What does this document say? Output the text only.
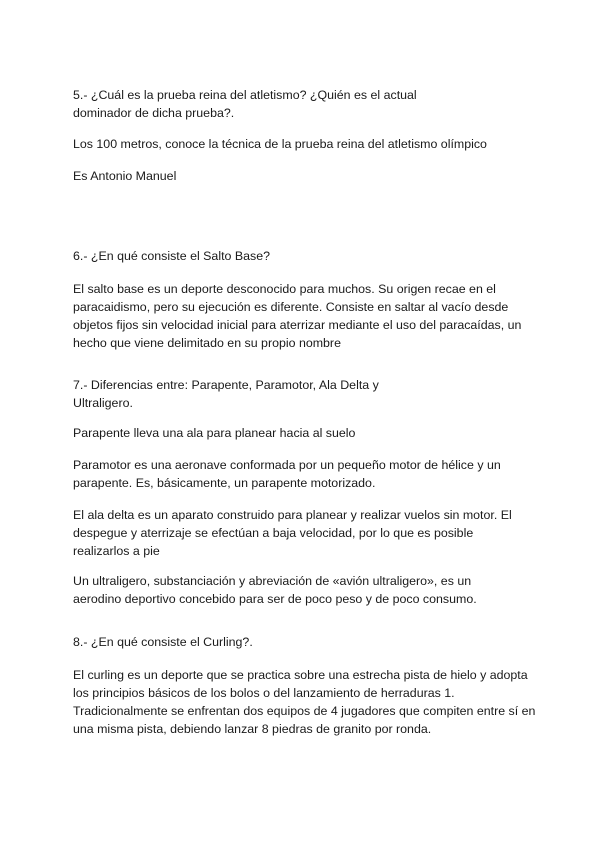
5.- ¿Cuál es la prueba reina del atletismo? ¿Quién es el actual
dominador de dicha prueba?.
Los 100 metros, conoce la técnica de la prueba reina del atletismo olímpico
Es Antonio Manuel
6.- ¿En qué consiste el Salto Base?
El salto base es un deporte desconocido para muchos. Su origen recae en el
paracaidismo, pero su ejecución es diferente. Consiste en saltar al vacío desde
objetos fijos sin velocidad inicial para aterrizar mediante el uso del paracaídas, un
hecho que viene delimitado en su propio nombre
7.- Diferencias entre: Parapente, Paramotor, Ala Delta y
Ultraligero.
Parapente lleva una ala para planear hacia al suelo
Paramotor es una aeronave conformada por un pequeño motor de hélice y un
parapente. Es, básicamente, un parapente motorizado.
El ala delta es un aparato construido para planear y realizar vuelos sin motor. El
despegue y aterrizaje se efectúan a baja velocidad, por lo que es posible
realizarlos a pie
Un ultraligero, substanciación y abreviación de «avión ultraligero», es un
aerodino deportivo concebido para ser de poco peso y de poco consumo.
8.- ¿En qué consiste el Curling?.
El curling es un deporte que se practica sobre una estrecha pista de hielo y adopta
los principios básicos de los bolos o del lanzamiento de herraduras 1.
Tradicionalmente se enfrentan dos equipos de 4 jugadores que compiten entre sí en
una misma pista, debiendo lanzar 8 piedras de granito por ronda.
